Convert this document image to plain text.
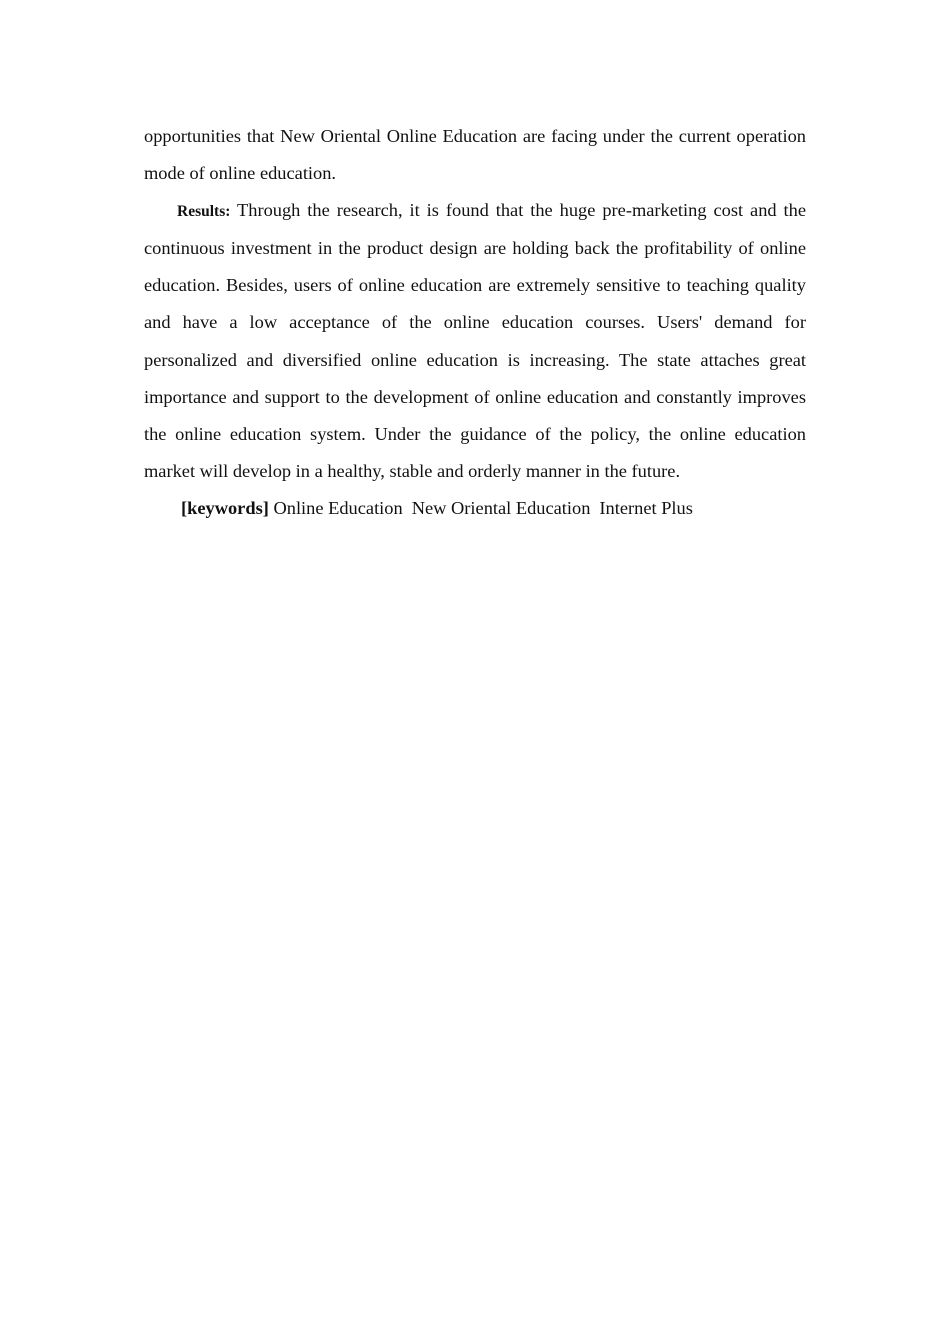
opportunities that New Oriental Online Education are facing under the current operation mode of online education.

Results: Through the research, it is found that the huge pre-marketing cost and the continuous investment in the product design are holding back the profitability of online education. Besides, users of online education are extremely sensitive to teaching quality and have a low acceptance of the online education courses. Users' demand for personalized and diversified online education is increasing. The state attaches great importance and support to the development of online education and constantly improves the online education system. Under the guidance of the policy, the online education market will develop in a healthy, stable and orderly manner in the future.

[keywords] Online Education New Oriental Education Internet Plus
